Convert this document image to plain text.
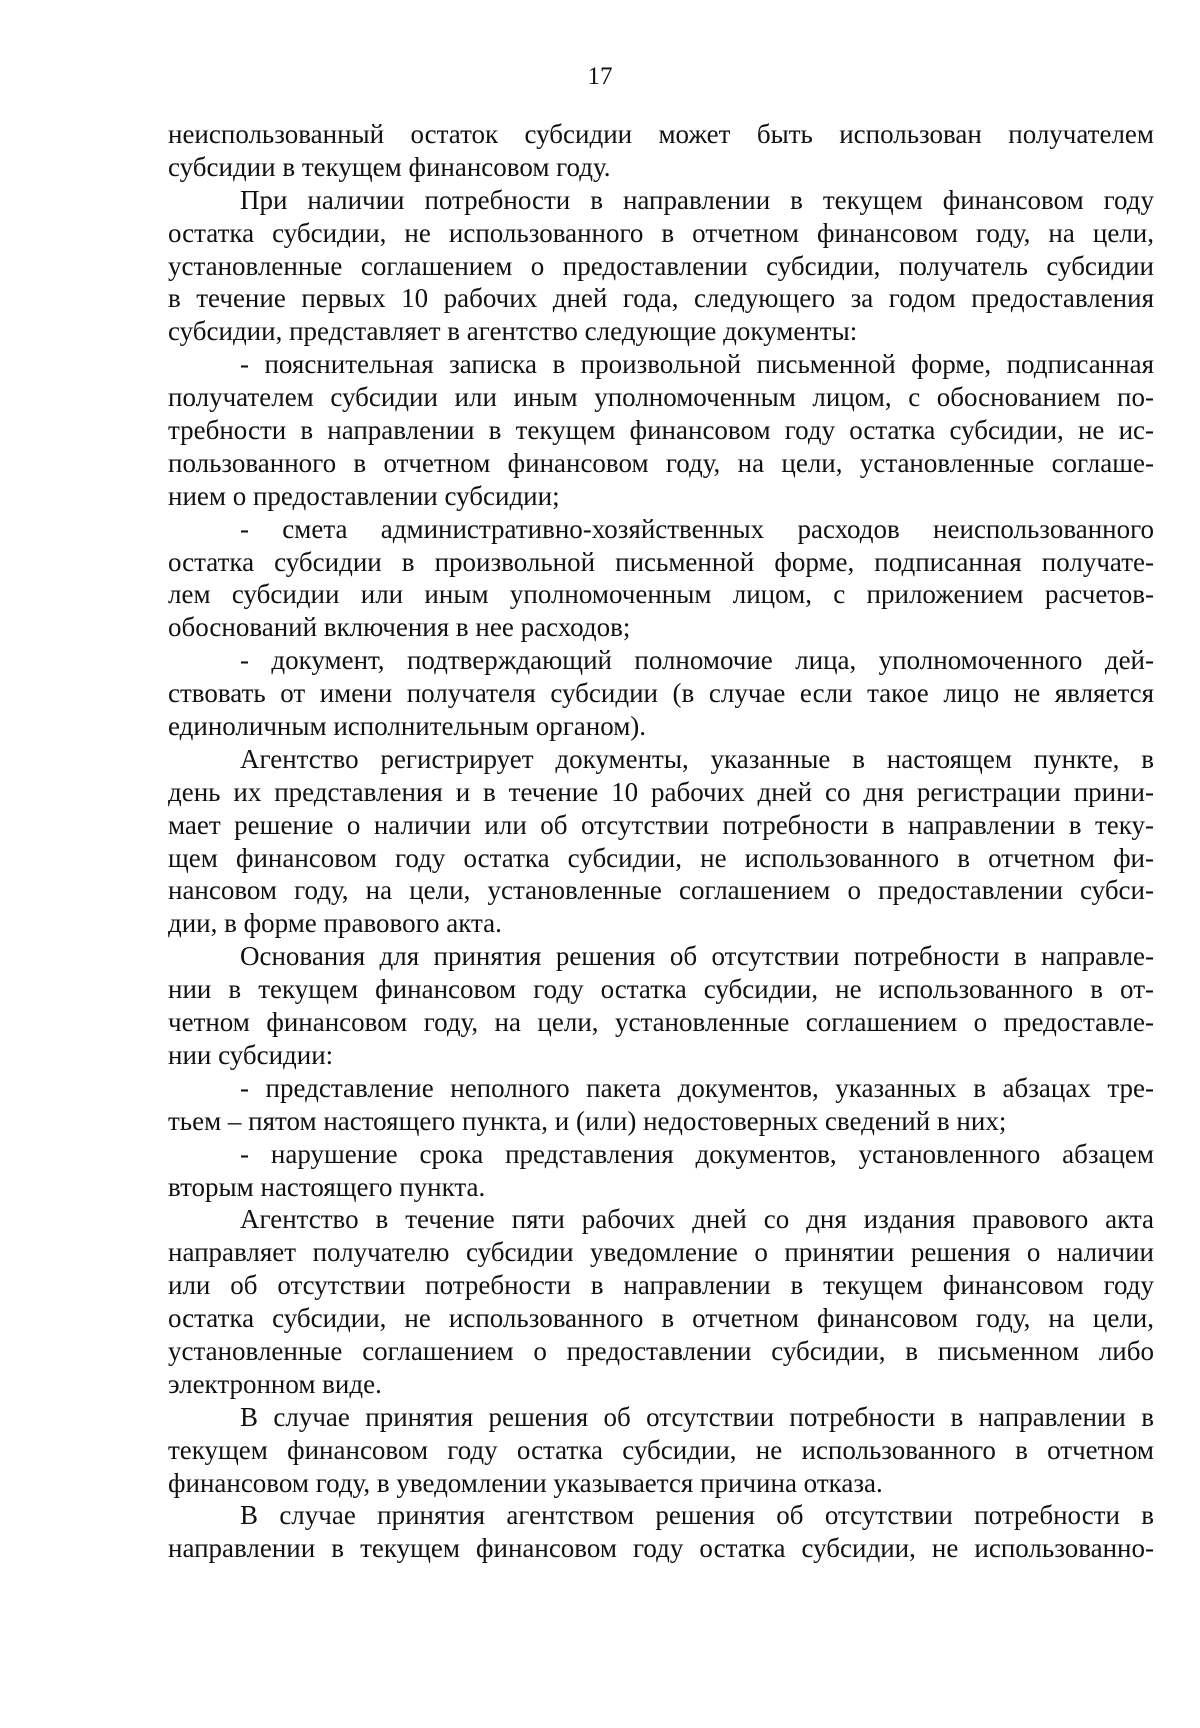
17
неиспользованный остаток субсидии может быть использован получателем
субсидии в текущем финансовом году.
При наличии потребности в направлении в текущем финансовом году
остатка субсидии, не использованного в отчетном финансовом году, на цели,
установленные соглашением о предоставлении субсидии, получатель субсидии
в течение первых 10 рабочих дней года, следующего за годом предоставления
субсидии, представляет в агентство следующие документы:
- пояснительная записка в произвольной письменной форме, подписанная
получателем субсидии или иным уполномоченным лицом, с обоснованием по-
требности в направлении в текущем финансовом году остатка субсидии, не ис-
пользованного в отчетном финансовом году, на цели, установленные соглаше-
нием о предоставлении субсидии;
- смета административно-хозяйственных расходов неиспользованного
остатка субсидии в произвольной письменной форме, подписанная получате-
лем субсидии или иным уполномоченным лицом, с приложением расчетов-
обоснований включения в нее расходов;
- документ, подтверждающий полномочие лица, уполномоченного дей-
ствовать от имени получателя субсидии (в случае если такое лицо не является
единоличным исполнительным органом).
Агентство регистрирует документы, указанные в настоящем пункте, в
день их представления и в течение 10 рабочих дней со дня регистрации прини-
мает решение о наличии или об отсутствии потребности в направлении в теку-
щем финансовом году остатка субсидии, не использованного в отчетном фи-
нансовом году, на цели, установленные соглашением о предоставлении субси-
дии, в форме правового акта.
Основания для принятия решения об отсутствии потребности в направле-
нии в текущем финансовом году остатка субсидии, не использованного в от-
четном финансовом году, на цели, установленные соглашением о предоставле-
нии субсидии:
- представление неполного пакета документов, указанных в абзацах тре-
тьем – пятом настоящего пункта, и (или) недостоверных сведений в них;
- нарушение срока представления документов, установленного абзацем
вторым настоящего пункта.
Агентство в течение пяти рабочих дней со дня издания правового акта
направляет получателю субсидии уведомление о принятии решения о наличии
или об отсутствии потребности в направлении в текущем финансовом году
остатка субсидии, не использованного в отчетном финансовом году, на цели,
установленные соглашением о предоставлении субсидии, в письменном либо
электронном виде.
В случае принятия решения об отсутствии потребности в направлении в
текущем финансовом году остатка субсидии, не использованного в отчетном
финансовом году, в уведомлении указывается причина отказа.
В случае принятия агентством решения об отсутствии потребности в
направлении в текущем финансовом году остатка субсидии, не использованно-
